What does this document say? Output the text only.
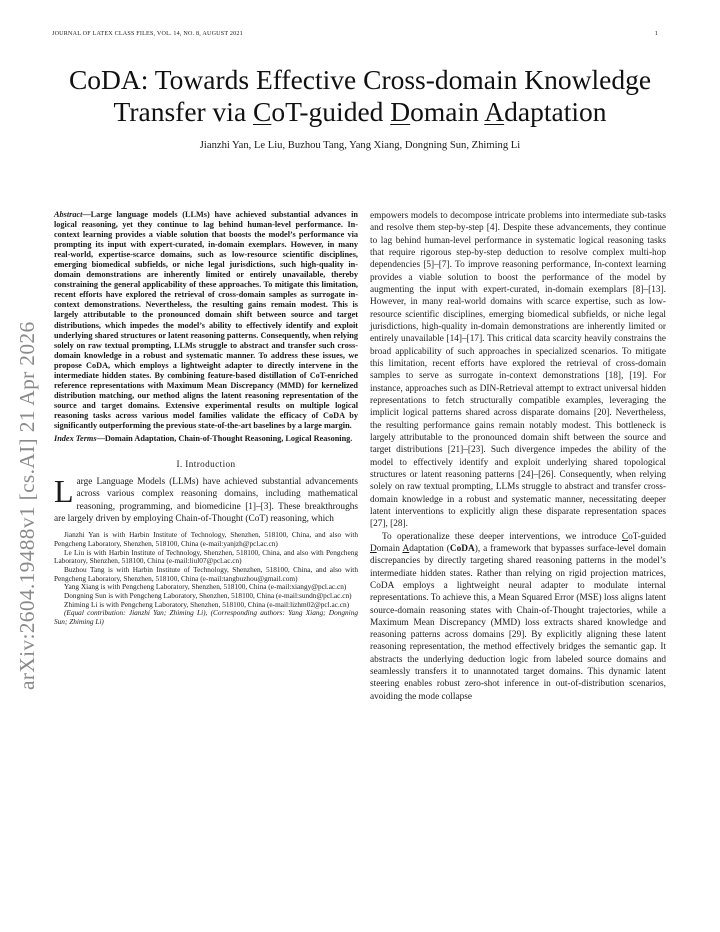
JOURNAL OF LATEX CLASS FILES, VOL. 14, NO. 8, AUGUST 2021	1
arXiv:2604.19488v1 [cs.AI] 21 Apr 2026
CoDA: Towards Effective Cross-domain Knowledge
Transfer via CoT-guided Domain Adaptation
Jianzhi Yan, Le Liu, Buzhou Tang, Yang Xiang, Dongning Sun, Zhiming Li
Abstract—Large language models (LLMs) have achieved substantial advances in logical reasoning, yet they continue to lag behind human-level performance. In-context learning provides a viable solution that boosts the model’s performance via prompting its input with expert-curated, in-domain exemplars. However, in many real-world, expertise-scarce domains, such as low-resource scientific disciplines, emerging biomedical subfields, or niche legal jurisdictions, such high-quality in-domain demonstrations are inherently limited or entirely unavailable, thereby constraining the general applicability of these approaches. To mitigate this limitation, recent efforts have explored the retrieval of cross-domain samples as surrogate in-context demonstrations. Nevertheless, the resulting gains remain modest. This is largely attributable to the pronounced domain shift between source and target distributions, which impedes the model’s ability to effectively identify and exploit underlying shared structures or latent reasoning patterns. Consequently, when relying solely on raw textual prompting, LLMs struggle to abstract and transfer such cross-domain knowledge in a robust and systematic manner. To address these issues, we propose CoDA, which employs a lightweight adapter to directly intervene in the intermediate hidden states. By combining feature-based distillation of CoT-enriched reference representations with Maximum Mean Discrepancy (MMD) for kernelized distribution matching, our method aligns the latent reasoning representation of the source and target domains. Extensive experimental results on multiple logical reasoning tasks across various model families validate the efficacy of CoDA by significantly outperforming the previous state-of-the-art baselines by a large margin.
Index Terms—Domain Adaptation, Chain-of-Thought Reasoning, Logical Reasoning.
I. Introduction
Large Language Models (LLMs) have achieved substantial advancements across various complex reasoning domains, including mathematical reasoning, programming, and biomedicine [1]–[3]. These breakthroughs are largely driven by employing Chain-of-Thought (CoT) reasoning, which

Jianzhi Yan is with Harbin Institute of Technology, Shenzhen, 518100, China, and also with Pengcheng Laboratory, Shenzhen, 518100, China (e-mail:yanjzh@pcl.ac.cn)

Le Liu is with Harbin Institute of Technology, Shenzhen, 518100, China, and also with Pengcheng Laboratory, Shenzhen, 518100, China (e-mail:liul07@pcl.ac.cn)

Buzhou Tang is with Harbin Institute of Technology, Shenzhen, 518100, China, and also with Pengcheng Laboratory, Shenzhen, 518100, China (e-mail:tangbuzhou@gmail.com)

Yang Xiang is with Pengcheng Laboratory, Shenzhen, 518100, China (e-mail:xiangy@pcl.ac.cn)

Dongning Sun is with Pengcheng Laboratory, Shenzhen, 518100, China (e-mail:sundn@pcl.ac.cn)

Zhiming Li is with Pengcheng Laboratory, Shenzhen, 518100, China (e-mail:lizhm02@pcl.ac.cn)

(Equal contribution: Jianzhi Yan; Zhiming Li), (Corresponding authors: Yang Xiang; Dongning Sun; Zhiming Li)

empowers models to decompose intricate problems into intermediate sub-tasks and resolve them step-by-step [4]. Despite these advancements, they continue to lag behind human-level performance in systematic logical reasoning tasks that require rigorous step-by-step deduction to resolve complex multi-hop dependencies [5]–[7]. To improve reasoning performance, In-context learning provides a viable solution to boost the performance of the model by augmenting the input with expert-curated, in-domain exemplars [8]–[13]. However, in many real-world domains with scarce expertise, such as low-resource scientific disciplines, emerging biomedical subfields, or niche legal jurisdictions, high-quality in-domain demonstrations are inherently limited or entirely unavailable [14]–[17]. This critical data scarcity heavily constrains the broad applicability of such approaches in specialized scenarios. To mitigate this limitation, recent efforts have explored the retrieval of cross-domain samples to serve as surrogate in-context demonstrations [18], [19]. For instance, approaches such as DIN-Retrieval attempt to extract universal hidden representations to fetch structurally compatible examples, leveraging the implicit logical patterns shared across disparate domains [20]. Nevertheless, the resulting performance gains remain notably modest. This bottleneck is largely attributable to the pronounced domain shift between the source and target distributions [21]–[23]. Such divergence impedes the ability of the model to effectively identify and exploit underlying shared topological structures or latent reasoning patterns [24]–[26]. Consequently, when relying solely on raw textual prompting, LLMs struggle to abstract and transfer cross-domain knowledge in a robust and systematic manner, necessitating deeper latent interventions to explicitly align these disparate representation spaces [27], [28].

To operationalize these deeper interventions, we introduce CoT-guided Domain Adaptation (CoDA), a framework that bypasses surface-level domain discrepancies by directly targeting shared reasoning patterns in the model’s intermediate hidden states. Rather than relying on rigid projection matrices, CoDA employs a lightweight neural adapter to modulate internal representations. To achieve this, a Mean Squared Error (MSE) loss aligns latent source-domain reasoning states with Chain-of-Thought trajectories, while a Maximum Mean Discrepancy (MMD) loss extracts shared knowledge and reasoning patterns across domains [29]. By explicitly aligning these latent reasoning representation, the method effectively bridges the semantic gap. It abstracts the underlying deduction logic from labeled source domains and seamlessly transfers it to unannotated target domains. This dynamic latent steering enables robust zero-shot inference in out-of-distribution scenarios, avoiding the mode collapse
